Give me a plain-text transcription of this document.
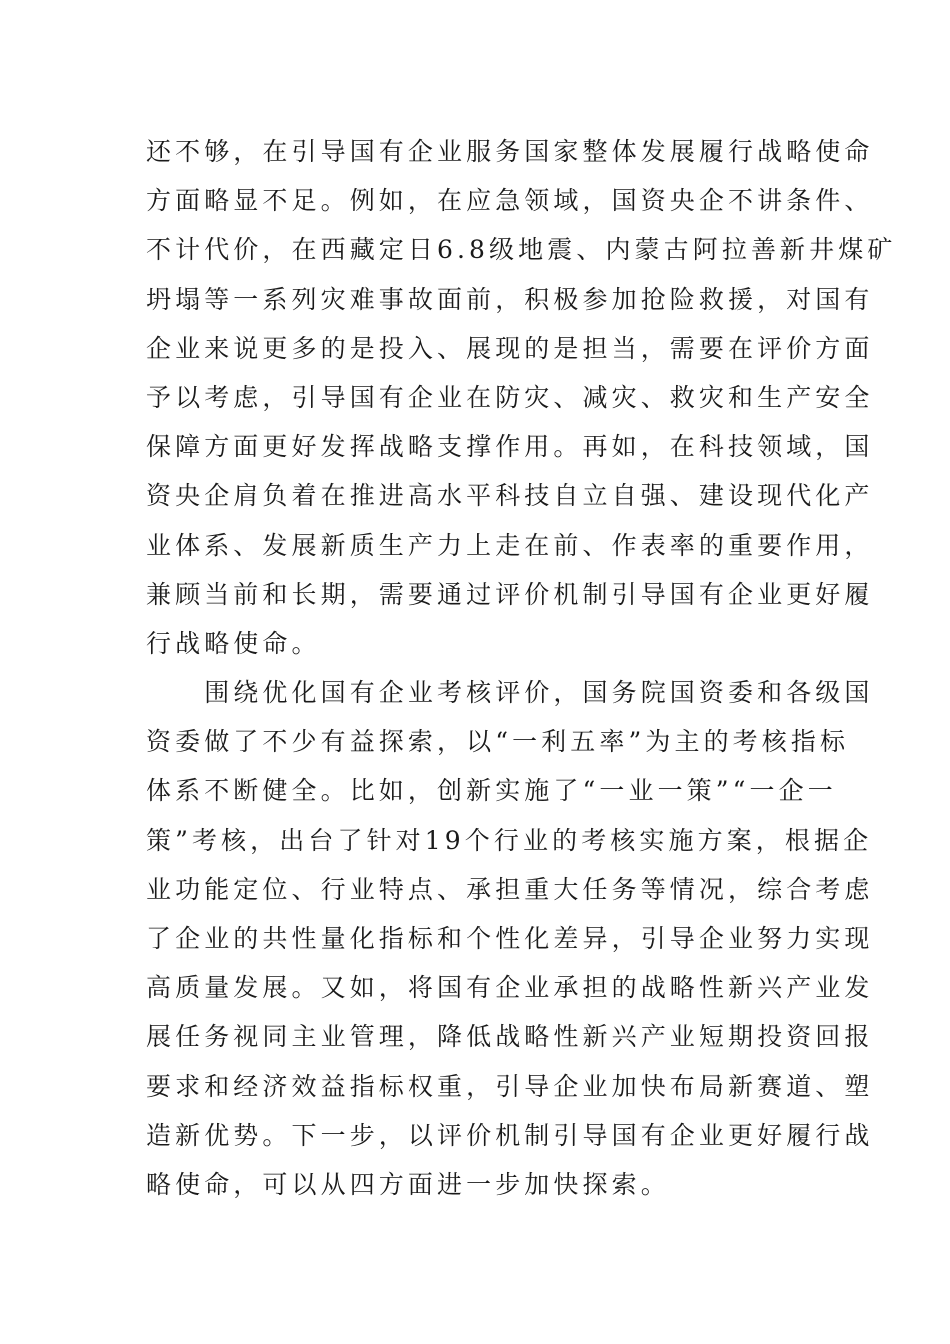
还不够，在引导国有企业服务国家整体发展履行战略使命
方面略显不足。例如，在应急领域，国资央企不讲条件、
不计代价，在西藏定日6.8级地震、内蒙古阿拉善新井煤矿
坍塌等一系列灾难事故面前，积极参加抢险救援，对国有
企业来说更多的是投入、展现的是担当，需要在评价方面
予以考虑，引导国有企业在防灾、减灾、救灾和生产安全
保障方面更好发挥战略支撑作用。再如，在科技领域，国
资央企肩负着在推进高水平科技自立自强、建设现代化产
业体系、发展新质生产力上走在前、作表率的重要作用，
兼顾当前和长期，需要通过评价机制引导国有企业更好履
行战略使命。
　　围绕优化国有企业考核评价，国务院国资委和各级国
资委做了不少有益探索，以“一利五率”为主的考核指标
体系不断健全。比如，创新实施了“一业一策”“一企一
策”考核，出台了针对19个行业的考核实施方案，根据企
业功能定位、行业特点、承担重大任务等情况，综合考虑
了企业的共性量化指标和个性化差异，引导企业努力实现
高质量发展。又如，将国有企业承担的战略性新兴产业发
展任务视同主业管理，降低战略性新兴产业短期投资回报
要求和经济效益指标权重，引导企业加快布局新赛道、塑
造新优势。下一步，以评价机制引导国有企业更好履行战
略使命，可以从四方面进一步加快探索。
